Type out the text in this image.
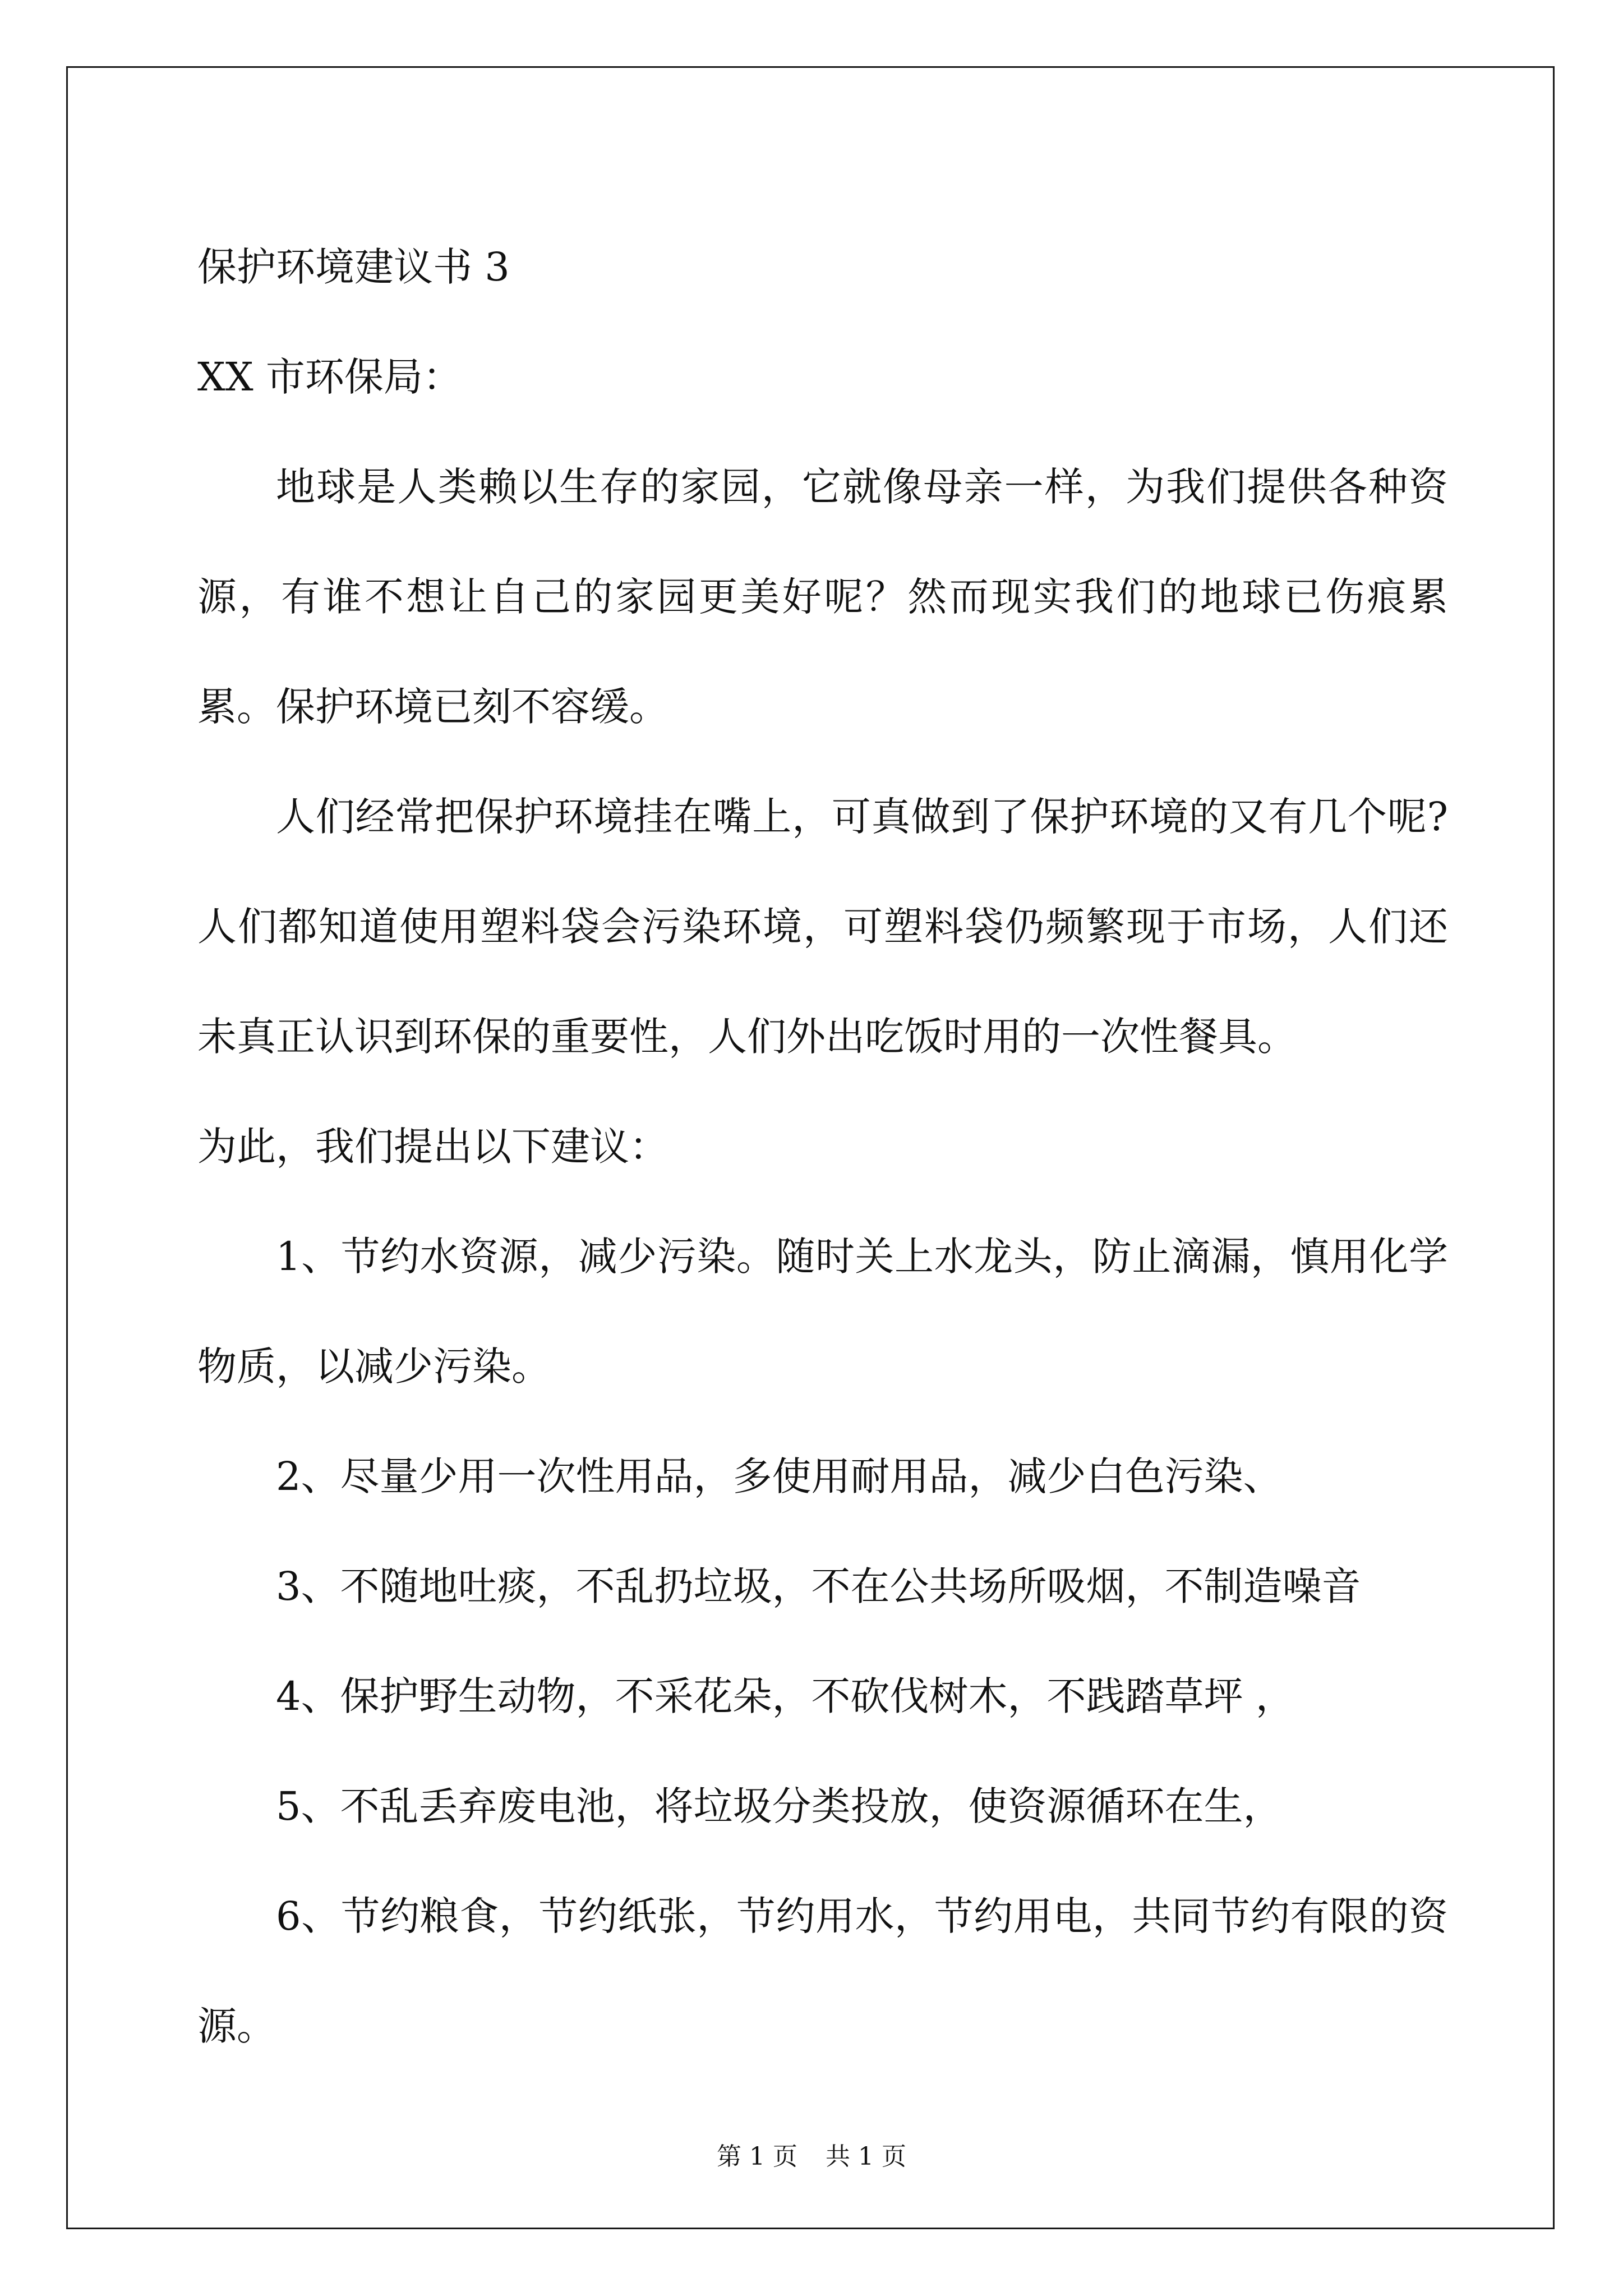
保护环境建议书 3
XX 市环保局：

地球是人类赖以生存的家园，它就像母亲一样，为我们提供各种资源，有谁不想让自己的家园更美好呢？然而现实我们的地球已伤痕累累。保护环境已刻不容缓。

人们经常把保护环境挂在嘴上，可真做到了保护环境的又有几个呢?人们都知道使用塑料袋会污染环境，可塑料袋仍频繁现于市场，人们还未真正认识到环保的重要性，人们外出吃饭时用的一次性餐具。

为此，我们提出以下建议：

1、节约水资源，减少污染。随时关上水龙头，防止滴漏，慎用化学物质，以减少污染。

2、尽量少用一次性用品，多使用耐用品，减少白色污染、

3、不随地吐痰，不乱扔垃圾，不在公共场所吸烟，不制造噪音

4、保护野生动物，不采花朵，不砍伐树木，不践踏草坪 ，

5、不乱丢弃废电池，将垃圾分类投放，使资源循环在生，

6、节约粮食，节约纸张，节约用水，节约用电，共同节约有限的资源。

第 1 页 共 1 页
